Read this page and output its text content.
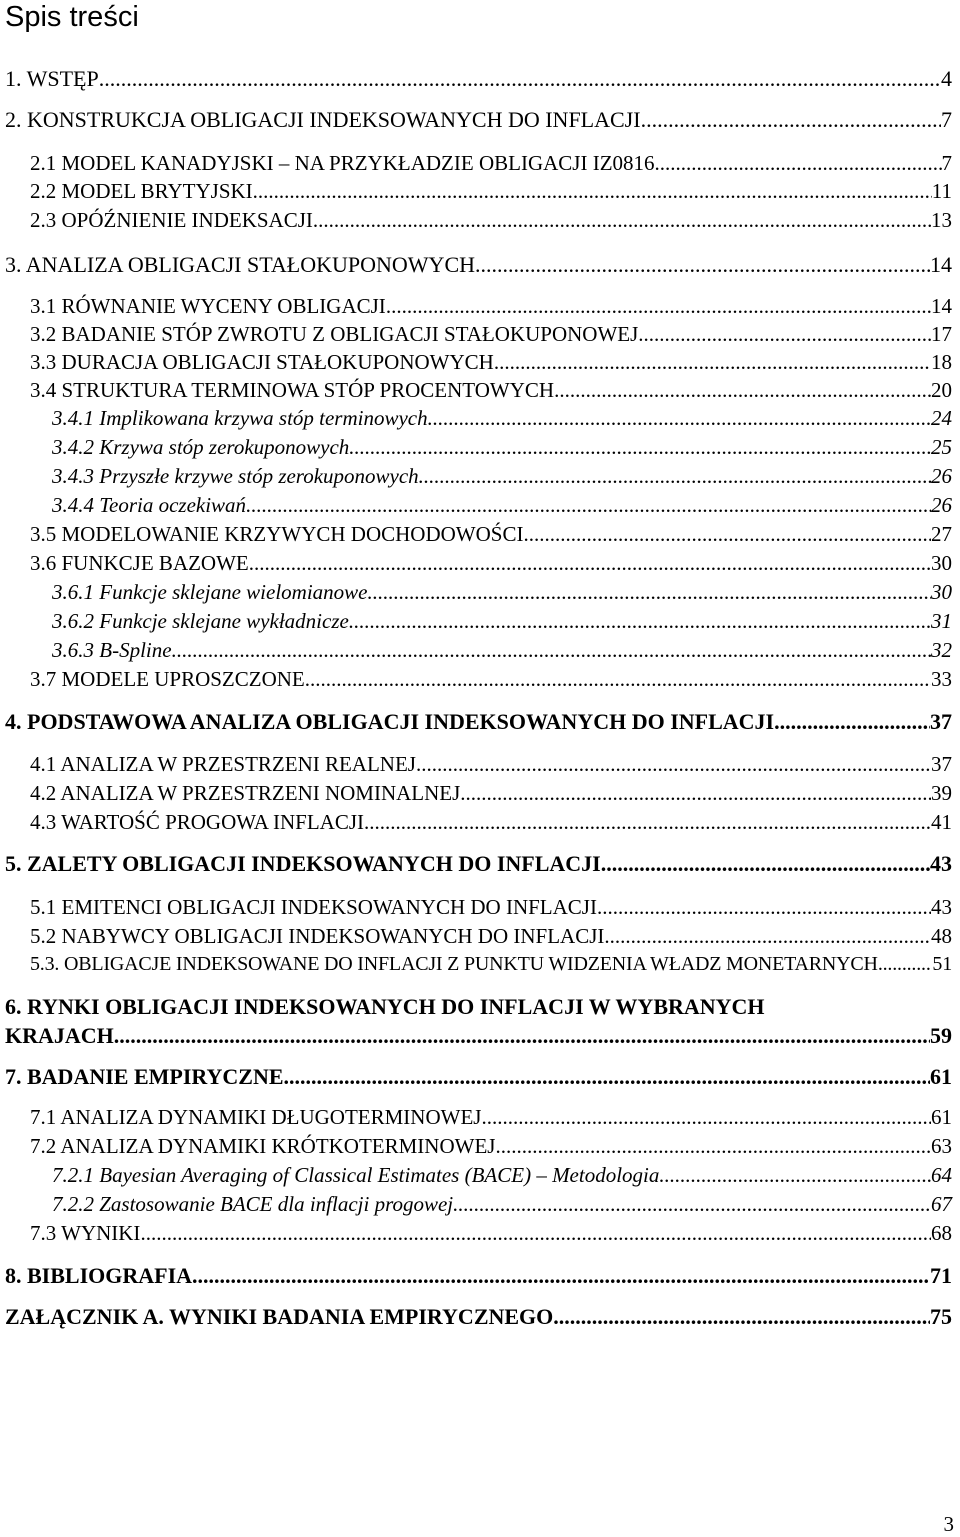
Spis treści
1. WSTĘP .....	4
2. KONSTRUKCJA OBLIGACJI INDEKSOWANYCH DO INFLACJI .....	7
2.1 MODEL KANADYJSKI – NA PRZYKŁADZIE OBLIGACJI IZ0816 .....	7
2.2 MODEL BRYTYJSKI .....	11
2.3 OPÓŹNIENIE INDEKSACJI .....	13
3. ANALIZA OBLIGACJI STAŁOKUPONOWYCH .....	14
3.1 RÓWNANIE WYCENY OBLIGACJI .....	14
3.2 BADANIE STÓP ZWROTU Z OBLIGACJI STAŁOKUPONOWEJ .....	17
3.3 DURACJA OBLIGACJI STAŁOKUPONOWYCH .....	18
3.4 STRUKTURA TERMINOWA STÓP PROCENTOWYCH .....	20
3.4.1 Implikowana krzywa stóp terminowych .....	24
3.4.2 Krzywa stóp zerokuponowych .....	25
3.4.3 Przyszłe krzywe stóp zerokuponowych .....	26
3.4.4 Teoria oczekiwań .....	26
3.5 MODELOWANIE KRZYWYCH DOCHODOWOŚCI .....	27
3.6 FUNKCJE BAZOWE .....	30
3.6.1 Funkcje sklejane wielomianowe .....	30
3.6.2 Funkcje sklejane wykładnicze .....	31
3.6.3 B-Spline .....	32
3.7 MODELE UPROSZCZONE .....	33
4. PODSTAWOWA ANALIZA OBLIGACJI INDEKSOWANYCH DO INFLACJI .....	37
4.1 ANALIZA W PRZESTRZENI REALNEJ .....	37
4.2 ANALIZA W PRZESTRZENI NOMINALNEJ .....	39
4.3 WARTOŚĆ PROGOWA INFLACJI .....	41
5. ZALETY OBLIGACJI INDEKSOWANYCH DO INFLACJI .....	43
5.1 EMITENCI OBLIGACJI INDEKSOWANYCH DO INFLACJI .....	43
5.2 NABYWCY OBLIGACJI INDEKSOWANYCH DO INFLACJI .....	48
5.3. OBLIGACJE INDEKSOWANE DO INFLACJI Z PUNKTU WIDZENIA WŁADZ MONETARNYCH .....	51
6. RYNKI OBLIGACJI INDEKSOWANYCH DO INFLACJI W WYBRANYCH
KRAJACH. .....	59
7. BADANIE EMPIRYCZNE .....	61
7.1 ANALIZA DYNAMIKI DŁUGOTERMINOWEJ .....	61
7.2 ANALIZA DYNAMIKI KRÓTKOTERMINOWEJ .....	63
7.2.1 Bayesian Averaging of Classical Estimates (BACE) – Metodologia .....	64
7.2.2 Zastosowanie BACE dla inflacji progowej .....	67
7.3 WYNIKI .....	68
8. BIBLIOGRAFIA .....	71
ZAŁĄCZNIK A. WYNIKI BADANIA EMPIRYCZNEGO .....	75
3
